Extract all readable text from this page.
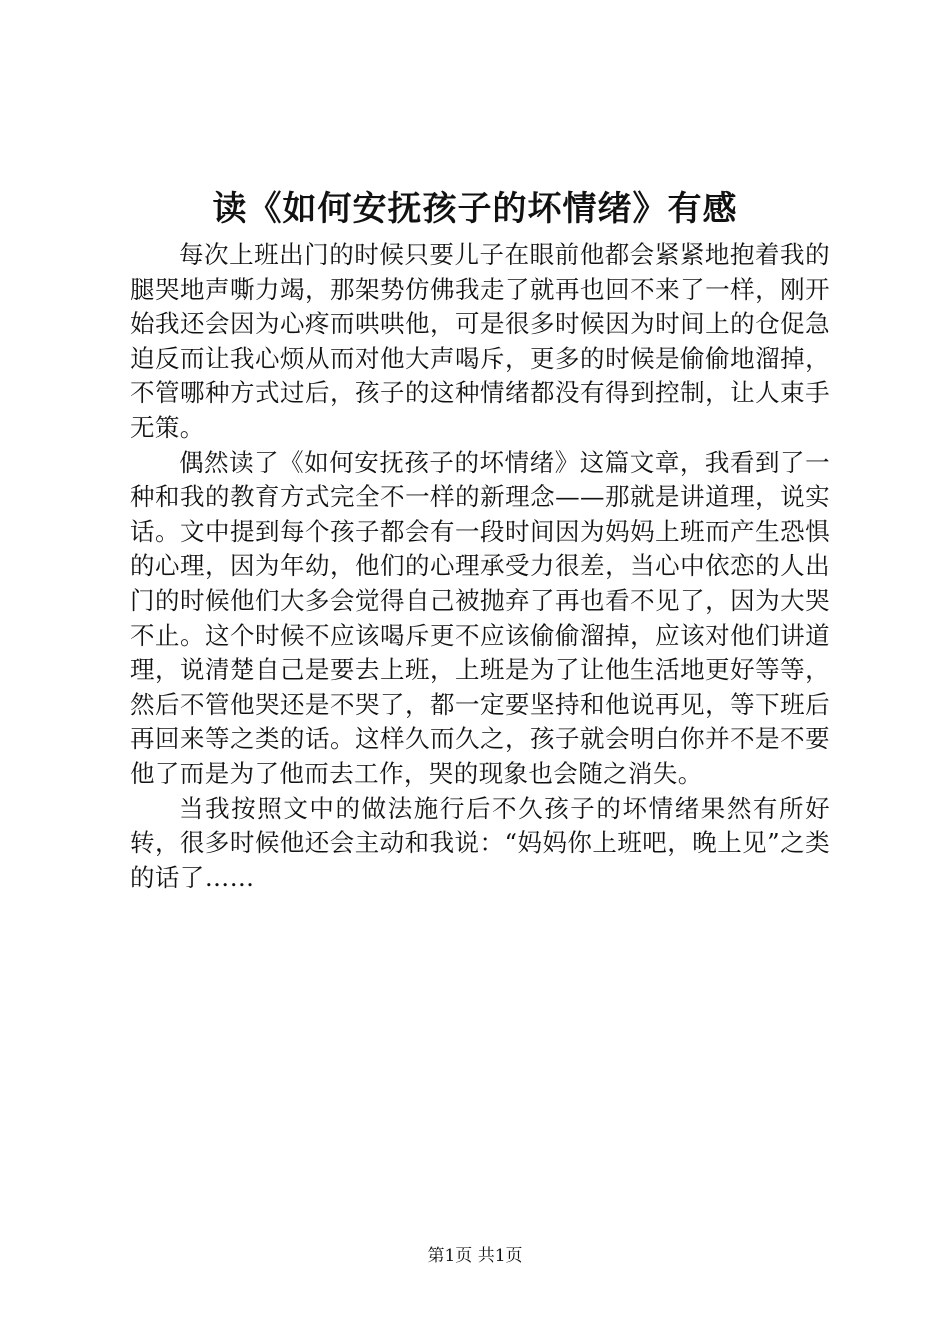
读《如何安抚孩子的坏情绪》有感

每次上班出门的时候只要儿子在眼前他都会紧紧地抱着我的腿哭地声嘶力竭，那架势仿佛我走了就再也回不来了一样，刚开始我还会因为心疼而哄哄他，可是很多时候因为时间上的仓促急迫反而让我心烦从而对他大声喝斥，更多的时候是偷偷地溜掉，不管哪种方式过后，孩子的这种情绪都没有得到控制，让人束手无策。

偶然读了《如何安抚孩子的坏情绪》这篇文章，我看到了一种和我的教育方式完全不一样的新理念——那就是讲道理，说实话。文中提到每个孩子都会有一段时间因为妈妈上班而产生恐惧的心理，因为年幼，他们的心理承受力很差，当心中依恋的人出门的时候他们大多会觉得自己被抛弃了再也看不见了，因为大哭不止。这个时候不应该喝斥更不应该偷偷溜掉，应该对他们讲道理，说清楚自己是要去上班，上班是为了让他生活地更好等等，然后不管他哭还是不哭了，都一定要坚持和他说再见，等下班后再回来等之类的话。这样久而久之，孩子就会明白你并不是不要他了而是为了他而去工作，哭的现象也会随之消失。

当我按照文中的做法施行后不久孩子的坏情绪果然有所好转，很多时候他还会主动和我说：“妈妈你上班吧，晚上见”之类的话了……

第1页 共1页
